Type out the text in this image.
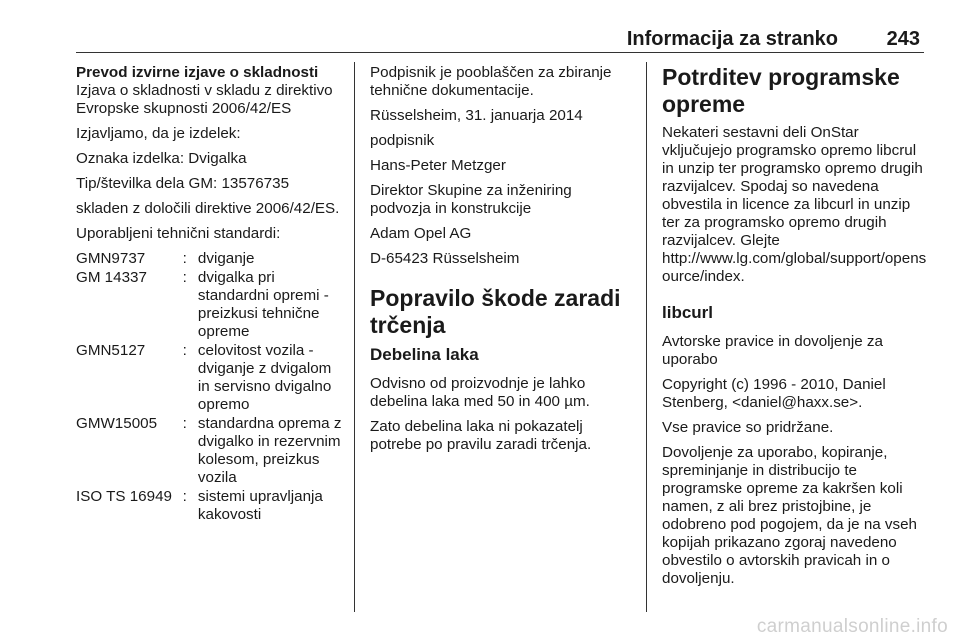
Informacija za stranko 243

Prevod izvirne izjave o skladnosti

Izjava o skladnosti v skladu z direktivo Evropske skupnosti 2006/42/ES

Izjavljamo, da je izdelek:

Oznaka izdelka: Dvigalka

Tip/številka dela GM: 13576735

skladen z določili direktive 2006/42/ES.

Uporabljeni tehnični standardi:

GMN9737	:	dviganje
GM 14337	:	dvigalka pri standardni opremi - preizkusi tehnične opreme
GMN5127	:	celovitost vozila - dviganje z dvigalom in servisno dvigalno opremo
GMW15005	:	standardna oprema z dvigalko in rezervnim kolesom, preizkus vozila
ISO TS 16949	:	sistemi upravljanja kakovosti

Podpisnik je pooblaščen za zbiranje tehnične dokumentacije.

Rüsselsheim, 31. januarja 2014

podpisnik

Hans-Peter Metzger

Direktor Skupine za inženiring podvozja in konstrukcije

Adam Opel AG

D-65423 Rüsselsheim

Popravilo škode zaradi trčenja

Debelina laka

Odvisno od proizvodnje je lahko debelina laka med 50 in 400 µm.

Zato debelina laka ni pokazatelj potrebe po pravilu zaradi trčenja.

Potrditev programske opreme

Nekateri sestavni deli OnStar vključujejo programsko opremo libcrul in unzip ter programsko opremo drugih razvijalcev. Spodaj so navedena obvestila in licence za libcurl in unzip ter za programsko opremo drugih razvijalcev. Glejte http://www.lg.com/global/support/opensource/index.

libcurl

Avtorske pravice in dovoljenje za uporabo

Copyright (c) 1996 - 2010, Daniel Stenberg, <daniel@haxx.se>.

Vse pravice so pridržane.

Dovoljenje za uporabo, kopiranje, spreminjanje in distribucijo te programske opreme za kakršen koli namen, z ali brez pristojbine, je odobreno pod pogojem, da je na vseh kopijah prikazano zgoraj navedeno obvestilo o avtorskih pravicah in o dovoljenju.

carmanualsonline.info
